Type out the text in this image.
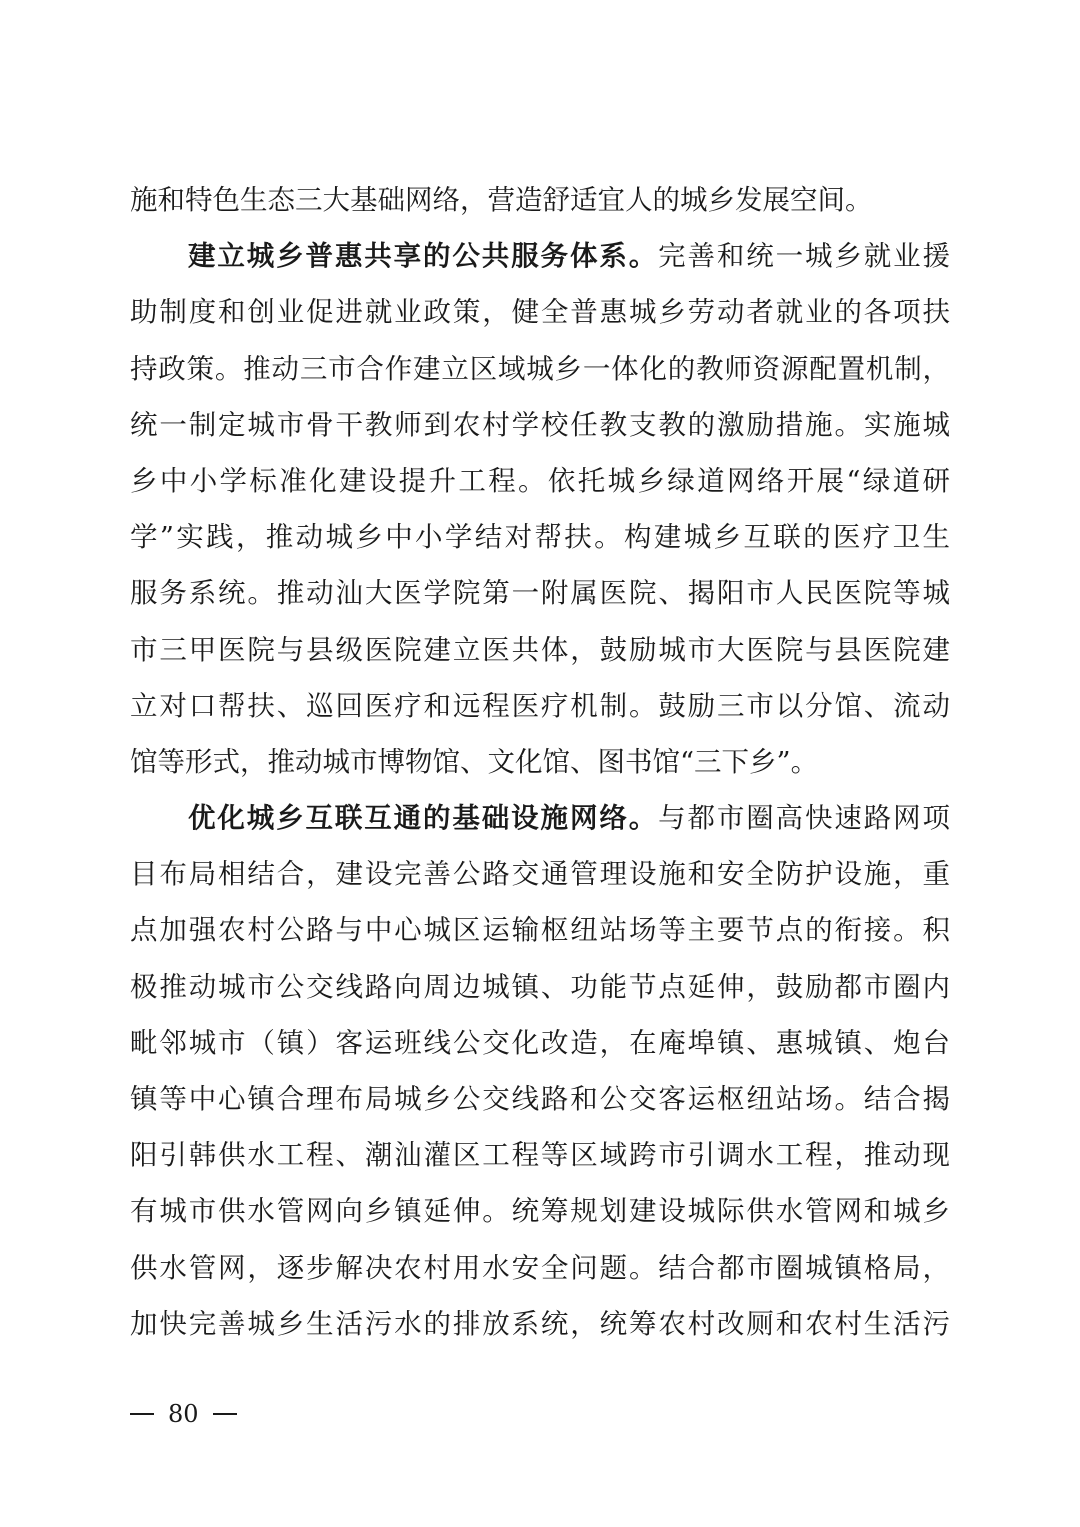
施和特色生态三大基础网络，营造舒适宜人的城乡发展空间。
建立城乡普惠共享的公共服务体系。完善和统一城乡就业援
助制度和创业促进就业政策，健全普惠城乡劳动者就业的各项扶
持政策。推动三市合作建立区域城乡一体化的教师资源配置机制，
统一制定城市骨干教师到农村学校任教支教的激励措施。实施城
乡中小学标准化建设提升工程。依托城乡绿道网络开展“绿道研
学”实践，推动城乡中小学结对帮扶。构建城乡互联的医疗卫生
服务系统。推动汕大医学院第一附属医院、揭阳市人民医院等城
市三甲医院与县级医院建立医共体，鼓励城市大医院与县医院建
立对口帮扶、巡回医疗和远程医疗机制。鼓励三市以分馆、流动
馆等形式，推动城市博物馆、文化馆、图书馆“三下乡”。
优化城乡互联互通的基础设施网络。与都市圈高快速路网项
目布局相结合，建设完善公路交通管理设施和安全防护设施，重
点加强农村公路与中心城区运输枢纽站场等主要节点的衔接。积
极推动城市公交线路向周边城镇、功能节点延伸，鼓励都市圈内
毗邻城市（镇）客运班线公交化改造，在庵埠镇、惠城镇、炮台
镇等中心镇合理布局城乡公交线路和公交客运枢纽站场。结合揭
阳引韩供水工程、潮汕灌区工程等区域跨市引调水工程，推动现
有城市供水管网向乡镇延伸。统筹规划建设城际供水管网和城乡
供水管网，逐步解决农村用水安全问题。结合都市圈城镇格局，
加快完善城乡生活污水的排放系统，统筹农村改厕和农村生活污
80
